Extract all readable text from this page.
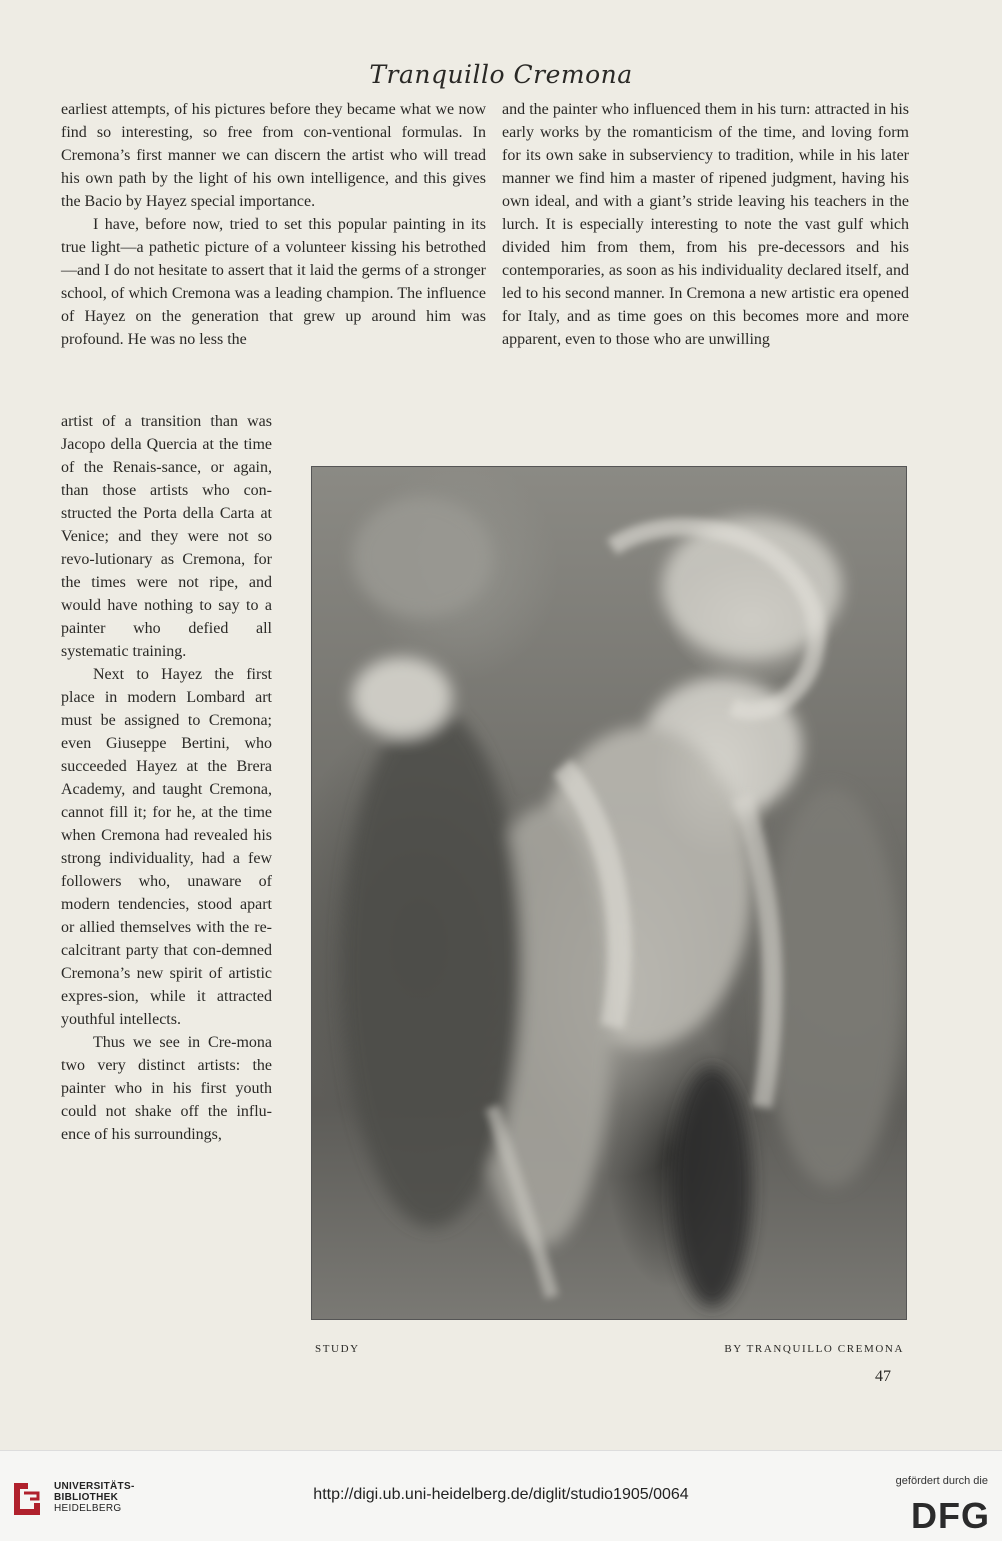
Tranquillo Cremona

earliest attempts, of his pictures before they became what we now find so interesting, so free from con-ventional formulas. In Cremona’s first manner we can discern the artist who will tread his own path by the light of his own intelligence, and this gives the Bacio by Hayez special importance.

I have, before now, tried to set this popular painting in its true light—a pathetic picture of a volunteer kissing his betrothed—and I do not hesitate to assert that it laid the germs of a stronger school, of which Cremona was a leading champion. The influence of Hayez on the generation that grew up around him was profound. He was no less the

and the painter who influenced them in his turn: attracted in his early works by the romanticism of the time, and loving form for its own sake in subserviency to tradition, while in his later manner we find him a master of ripened judgment, having his own ideal, and with a giant’s stride leaving his teachers in the lurch. It is especially interesting to note the vast gulf which divided him from them, from his pre-decessors and his contemporaries, as soon as his individuality declared itself, and led to his second manner. In Cremona a new artistic era opened for Italy, and as time goes on this becomes more and more apparent, even to those who are unwilling

artist of a transition than was Jacopo della Quercia at the time of the Renais-sance, or again, than those artists who con-structed the Porta della Carta at Venice; and they were not so revo-lutionary as Cremona, for the times were not ripe, and would have nothing to say to a painter who defied all systematic training.

Next to Hayez the first place in modern Lombard art must be assigned to Cremona; even Giuseppe Bertini, who succeeded Hayez at the Brera Academy, and taught Cremona, cannot fill it; for he, at the time when Cremona had revealed his strong individuality, had a few followers who, unaware of modern tendencies, stood apart or allied themselves with the re-calcitrant party that con-demned Cremona’s new spirit of artistic expres-sion, while it attracted youthful intellects.

Thus we see in Cre-mona two very distinct artists: the painter who in his first youth could not shake off the influ-ence of his surroundings,

STUDY	BY TRANQUILLO CREMONA
47
UNIVERSITÄTS-
BIBLIOTHEK
HEIDELBERG
http://digi.ub.uni-heidelberg.de/diglit/studio1905/0064
gefördert durch die
DFG
